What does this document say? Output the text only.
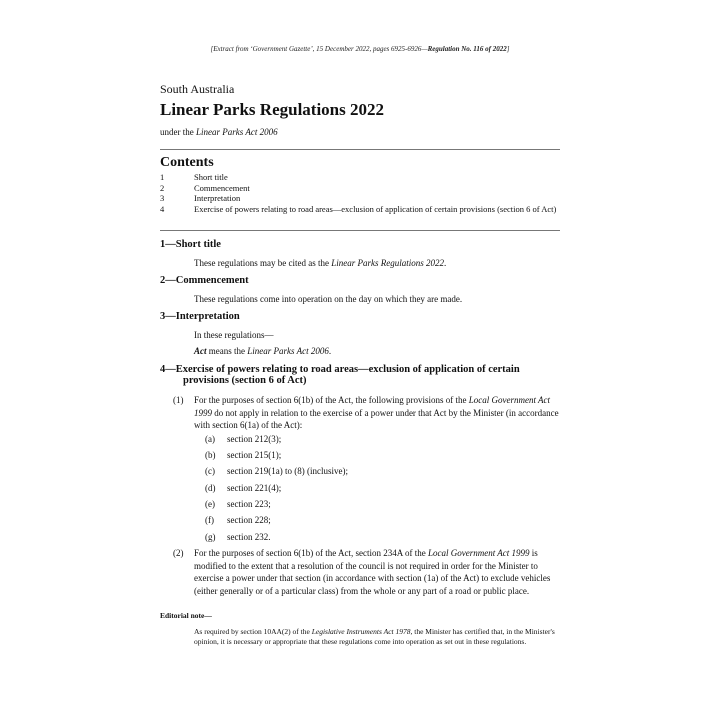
[Extract from ‘Government Gazette’, 15 December 2022, pages 6925-6926—Regulation No. 116 of 2022]
South Australia
Linear Parks Regulations 2022
under the Linear Parks Act 2006
Contents
1	Short title
2	Commencement
3	Interpretation
4	Exercise of powers relating to road areas—exclusion of application of certain provisions (section 6 of Act)
1—Short title
These regulations may be cited as the Linear Parks Regulations 2022.
2—Commencement
These regulations come into operation on the day on which they are made.
3—Interpretation
In these regulations—
Act means the Linear Parks Act 2006.
4—Exercise of powers relating to road areas—exclusion of application of certain
provisions (section 6 of Act)
(1)	For the purposes of section 6(1b) of the Act, the following provisions of the Local Government Act 1999 do not apply in relation to the exercise of a power under that Act by the Minister (in accordance with section 6(1a) of the Act):
(a)	section 212(3);
(b)	section 215(1);
(c)	section 219(1a) to (8) (inclusive);
(d)	section 221(4);
(e)	section 223;
(f)	section 228;
(g)	section 232.
(2)	For the purposes of section 6(1b) of the Act, section 234A of the Local Government Act 1999 is modified to the extent that a resolution of the council is not required in order for the Minister to exercise a power under that section (in accordance with section (1a) of the Act) to exclude vehicles (either generally or of a particular class) from the whole or any part of a road or public place.
Editorial note—
As required by section 10AA(2) of the Legislative Instruments Act 1978, the Minister has certified that, in the Minister's opinion, it is necessary or appropriate that these regulations come into operation as set out in these regulations.
